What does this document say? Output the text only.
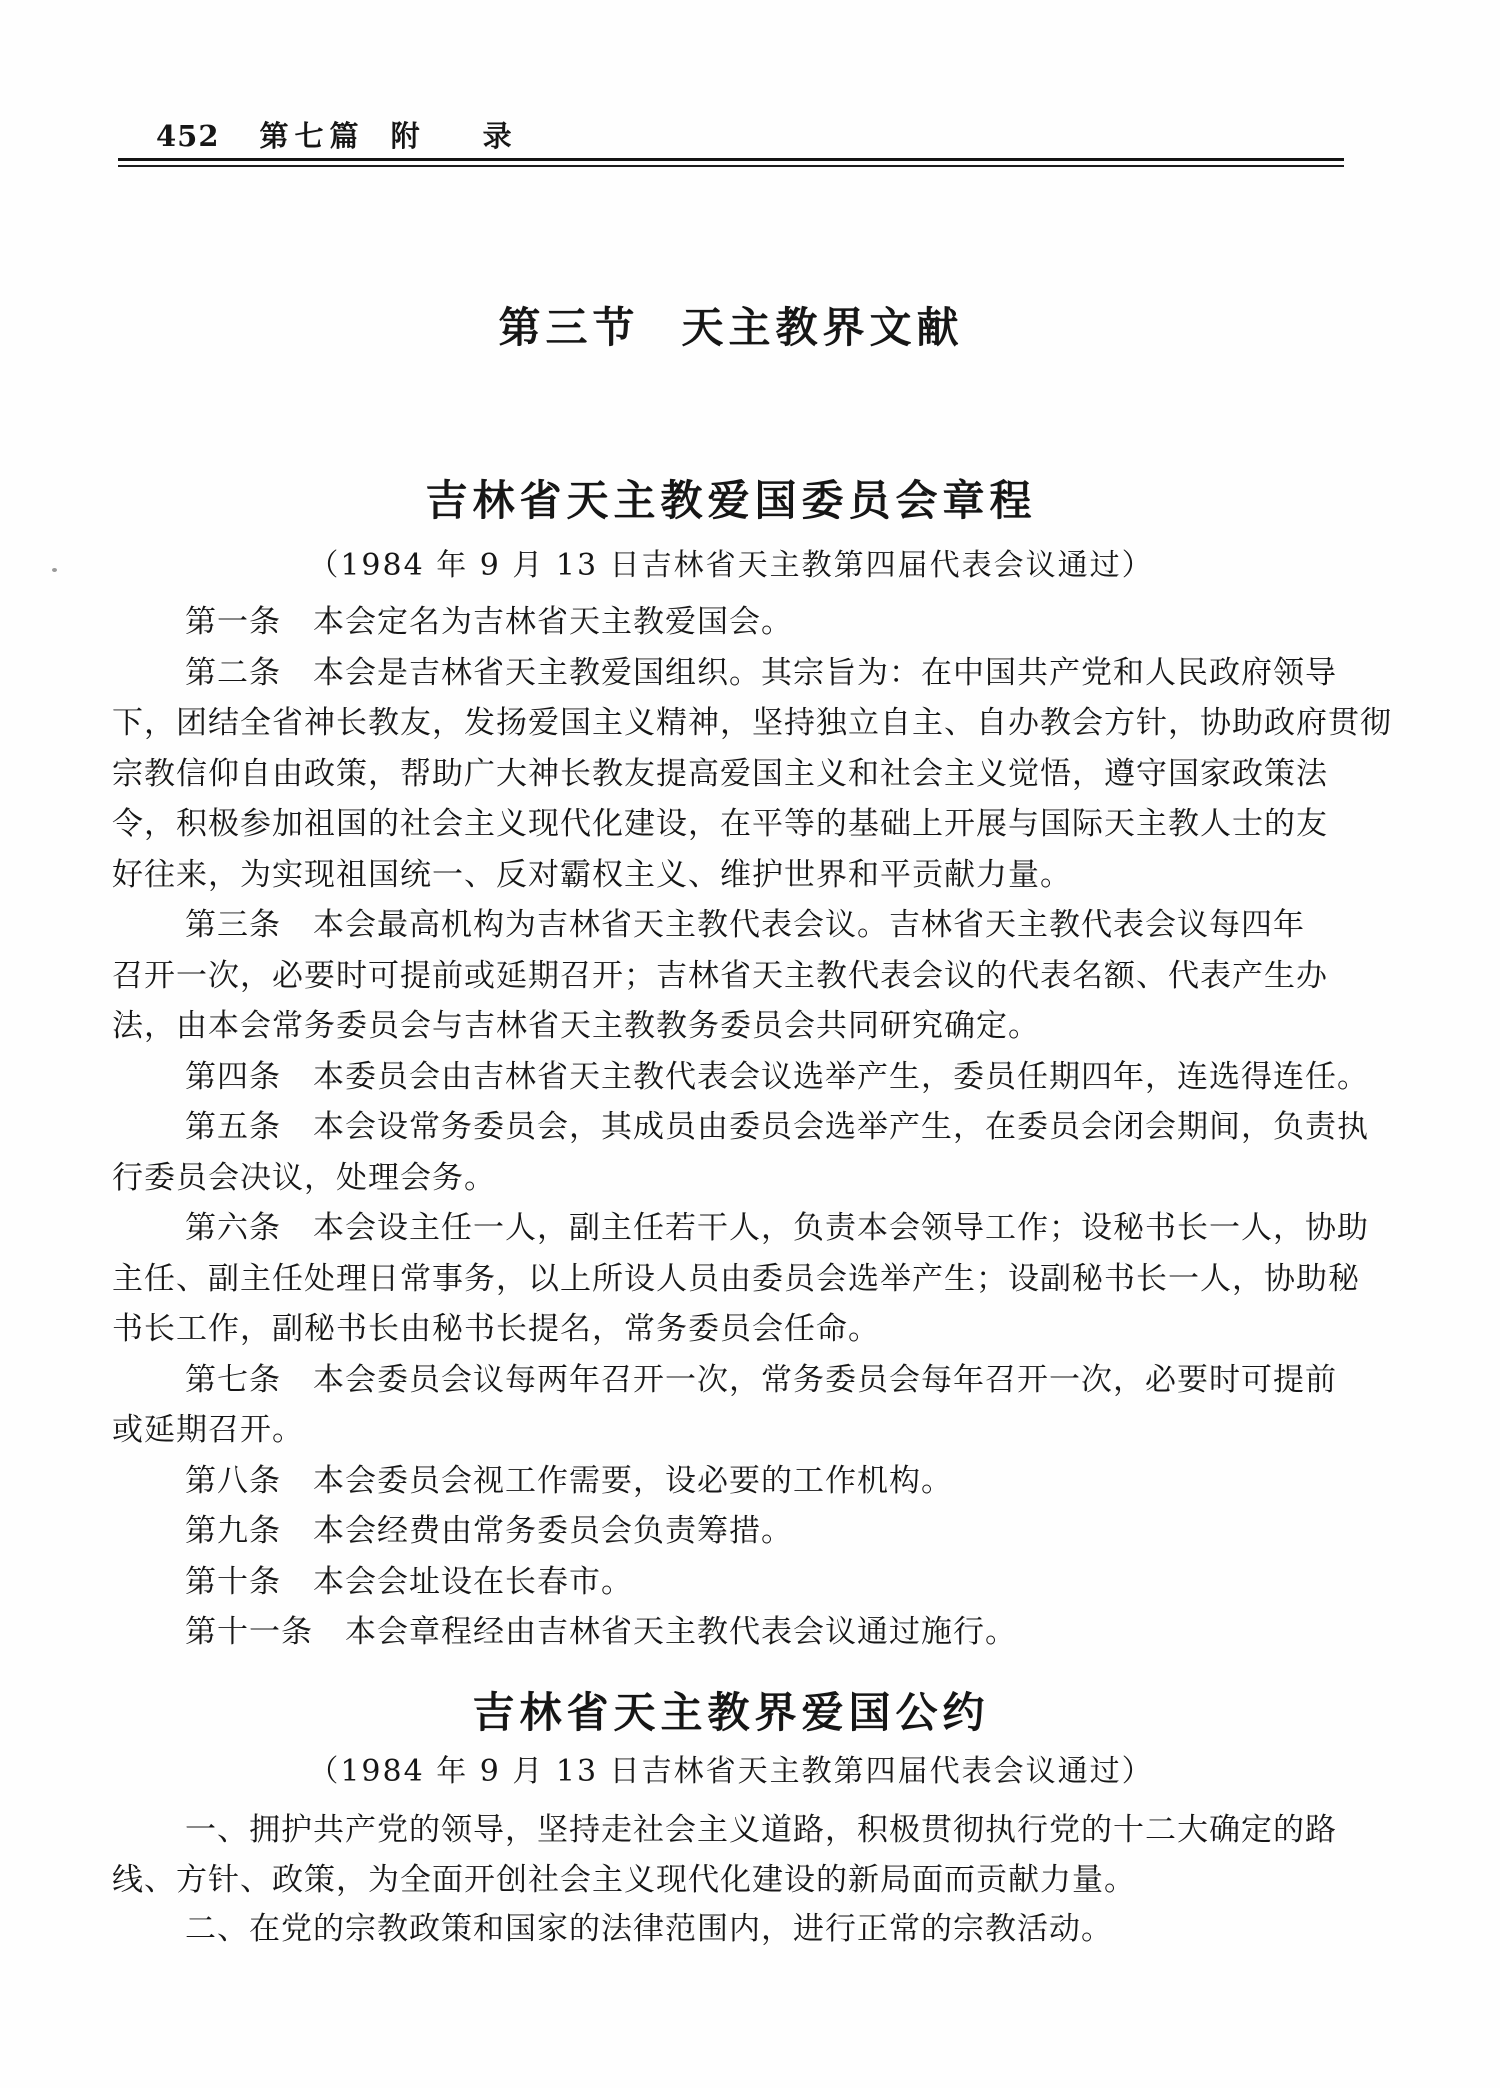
452 第七篇 附 录
第三节 天主教界文献
吉林省天主教爱国委员会章程
（1984 年 9 月 13 日吉林省天主教第四届代表会议通过）
第一条　本会定名为吉林省天主教爱国会。
第二条　本会是吉林省天主教爱国组织。其宗旨为：在中国共产党和人民政府领导
下，团结全省神长教友，发扬爱国主义精神，坚持独立自主、自办教会方针，协助政府贯彻
宗教信仰自由政策，帮助广大神长教友提高爱国主义和社会主义觉悟，遵守国家政策法
令，积极参加祖国的社会主义现代化建设，在平等的基础上开展与国际天主教人士的友
好往来，为实现祖国统一、反对霸权主义、维护世界和平贡献力量。
第三条　本会最高机构为吉林省天主教代表会议。吉林省天主教代表会议每四年
召开一次，必要时可提前或延期召开；吉林省天主教代表会议的代表名额、代表产生办
法，由本会常务委员会与吉林省天主教教务委员会共同研究确定。
第四条　本委员会由吉林省天主教代表会议选举产生，委员任期四年，连选得连任。
第五条　本会设常务委员会，其成员由委员会选举产生，在委员会闭会期间，负责执
行委员会决议，处理会务。
第六条　本会设主任一人，副主任若干人，负责本会领导工作；设秘书长一人，协助
主任、副主任处理日常事务，以上所设人员由委员会选举产生；设副秘书长一人，协助秘
书长工作，副秘书长由秘书长提名，常务委员会任命。
第七条　本会委员会议每两年召开一次，常务委员会每年召开一次，必要时可提前
或延期召开。
第八条　本会委员会视工作需要，设必要的工作机构。
第九条　本会经费由常务委员会负责筹措。
第十条　本会会址设在长春市。
第十一条　本会章程经由吉林省天主教代表会议通过施行。
吉林省天主教界爱国公约
（1984 年 9 月 13 日吉林省天主教第四届代表会议通过）
一、拥护共产党的领导，坚持走社会主义道路，积极贯彻执行党的十二大确定的路
线、方针、政策，为全面开创社会主义现代化建设的新局面而贡献力量。
二、在党的宗教政策和国家的法律范围内，进行正常的宗教活动。
